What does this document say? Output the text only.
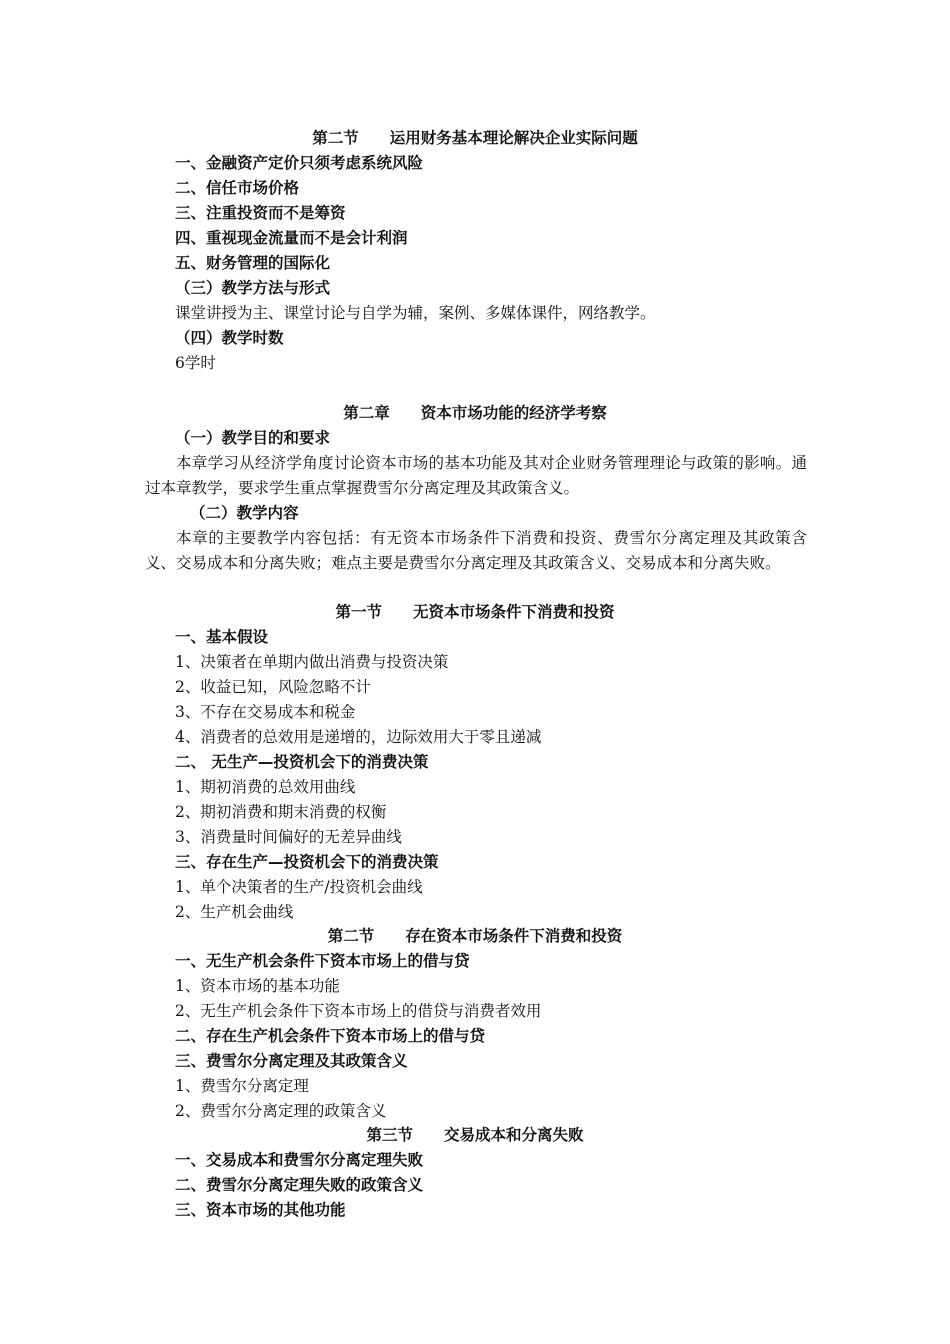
第二节　　运用财务基本理论解决企业实际问题
一、金融资产定价只须考虑系统风险
二、信任市场价格
三、注重投资而不是筹资
四、重视现金流量而不是会计利润
五、财务管理的国际化
（三）教学方法与形式
课堂讲授为主、课堂讨论与自学为辅，案例、多媒体课件，网络教学。
（四）教学时数
6学时
第二章　　资本市场功能的经济学考察
（一）教学目的和要求
本章学习从经济学角度讨论资本市场的基本功能及其对企业财务管理理论与政策的影响。通过本章教学，要求学生重点掌握费雪尔分离定理及其政策含义。
（二）教学内容
本章的主要教学内容包括：有无资本市场条件下消费和投资、费雪尔分离定理及其政策含义、交易成本和分离失败；难点主要是费雪尔分离定理及其政策含义、交易成本和分离失败。
第一节　　无资本市场条件下消费和投资
一、基本假设
1、决策者在单期内做出消费与投资决策
2、收益已知，风险忽略不计
3、不存在交易成本和税金
4、消费者的总效用是递增的，边际效用大于零且递减
二、 无生产—投资机会下的消费决策
1、期初消费的总效用曲线
2、期初消费和期末消费的权衡
3、消费量时间偏好的无差异曲线
三、存在生产—投资机会下的消费决策
1、单个决策者的生产/投资机会曲线
2、生产机会曲线
第二节　　存在资本市场条件下消费和投资
一、无生产机会条件下资本市场上的借与贷
1、资本市场的基本功能
2、无生产机会条件下资本市场上的借贷与消费者效用
二、存在生产机会条件下资本市场上的借与贷
三、费雪尔分离定理及其政策含义
1、费雪尔分离定理
2、费雪尔分离定理的政策含义
第三节　　交易成本和分离失败
一、交易成本和费雪尔分离定理失败
二、费雪尔分离定理失败的政策含义
三、资本市场的其他功能
